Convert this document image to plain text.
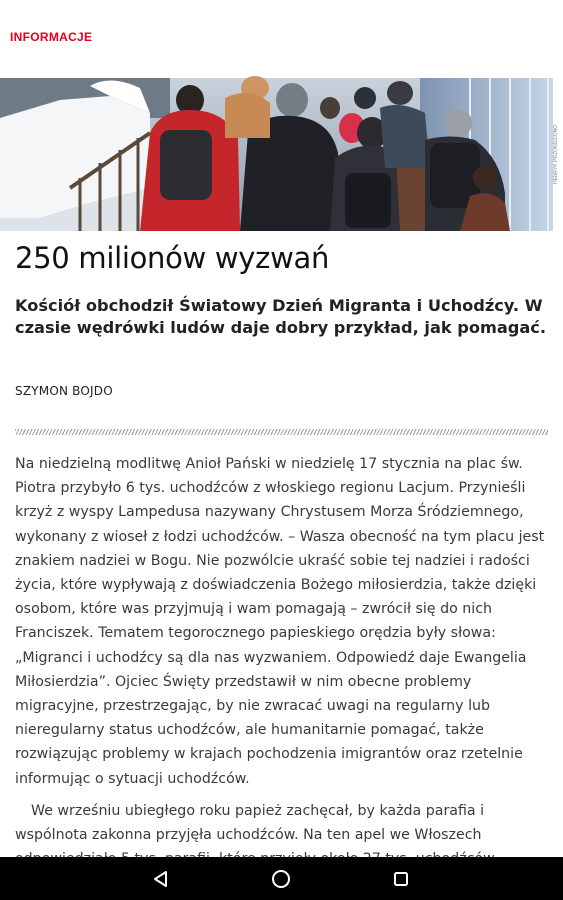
INFORMACJE
HENRYK PRZONDZIONO
250 milionów wyzwań

Kościół obchodził Światowy Dzień Migranta i Uchodźcy. W czasie wędrówki ludów daje dobry przykład, jak pomagać.

SZYMON BOJDO

Na niedzielną modlitwę Anioł Pański w niedzielę 17 stycznia na plac św. Piotra przybyło 6 tys. uchodźców z włoskiego regionu Lacjum. Przynieśli krzyż z wyspy Lampedusa nazywany Chrystusem Morza Śródziemnego, wykonany z wioseł z łodzi uchodźców. – Wasza obecność na tym placu jest znakiem nadziei w Bogu. Nie pozwólcie ukraść sobie tej nadziei i radości życia, które wypływają z doświadczenia Bożego miłosierdzia, także dzięki osobom, które was przyjmują i wam pomagają – zwrócił się do nich Franciszek. Tematem tegorocznego papieskiego orędzia były słowa: „Migranci i uchodźcy są dla nas wyzwaniem. Odpowiedź daje Ewangelia Miłosierdzia”. Ojciec Święty przedstawił w nim obecne problemy migracyjne, przestrzegając, by nie zwracać uwagi na regularny lub nieregularny status uchodźców, ale humanitarnie pomagać, także rozwiązując problemy w krajach pochodzenia imigrantów oraz rzetelnie informując o sytuacji uchodźców.

We wrześniu ubiegłego roku papież zachęcał, by każda parafia i wspólnota zakonna przyjęła uchodźców. Na ten apel we Włoszech
